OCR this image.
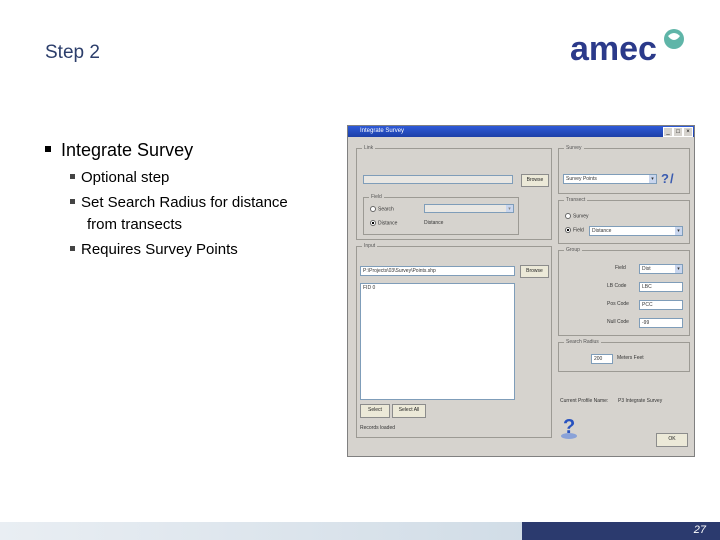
Step 2	amec
Integrate Survey
Optional step
Set Search Radius for distance
from transects
Requires Survey Points
Integrate Survey	_	□	×
Link
Browse
Field
Search	▾
Distance	Distance
Input
P:\Projects\03\Survey\Points.shp	Browse
FID 0
Select	Select All
Records loaded
Survey
Survey Points	▾ ?/
Transect
Survey
Field	Distance	▾
Group
Field	Dist	▾
LB Code	LBC
Pos Code	PCC
Null Code	-99
Search Radius
200	Meters Feet
Current Profile Name: P3 Integrate Survey
?
OK
27
